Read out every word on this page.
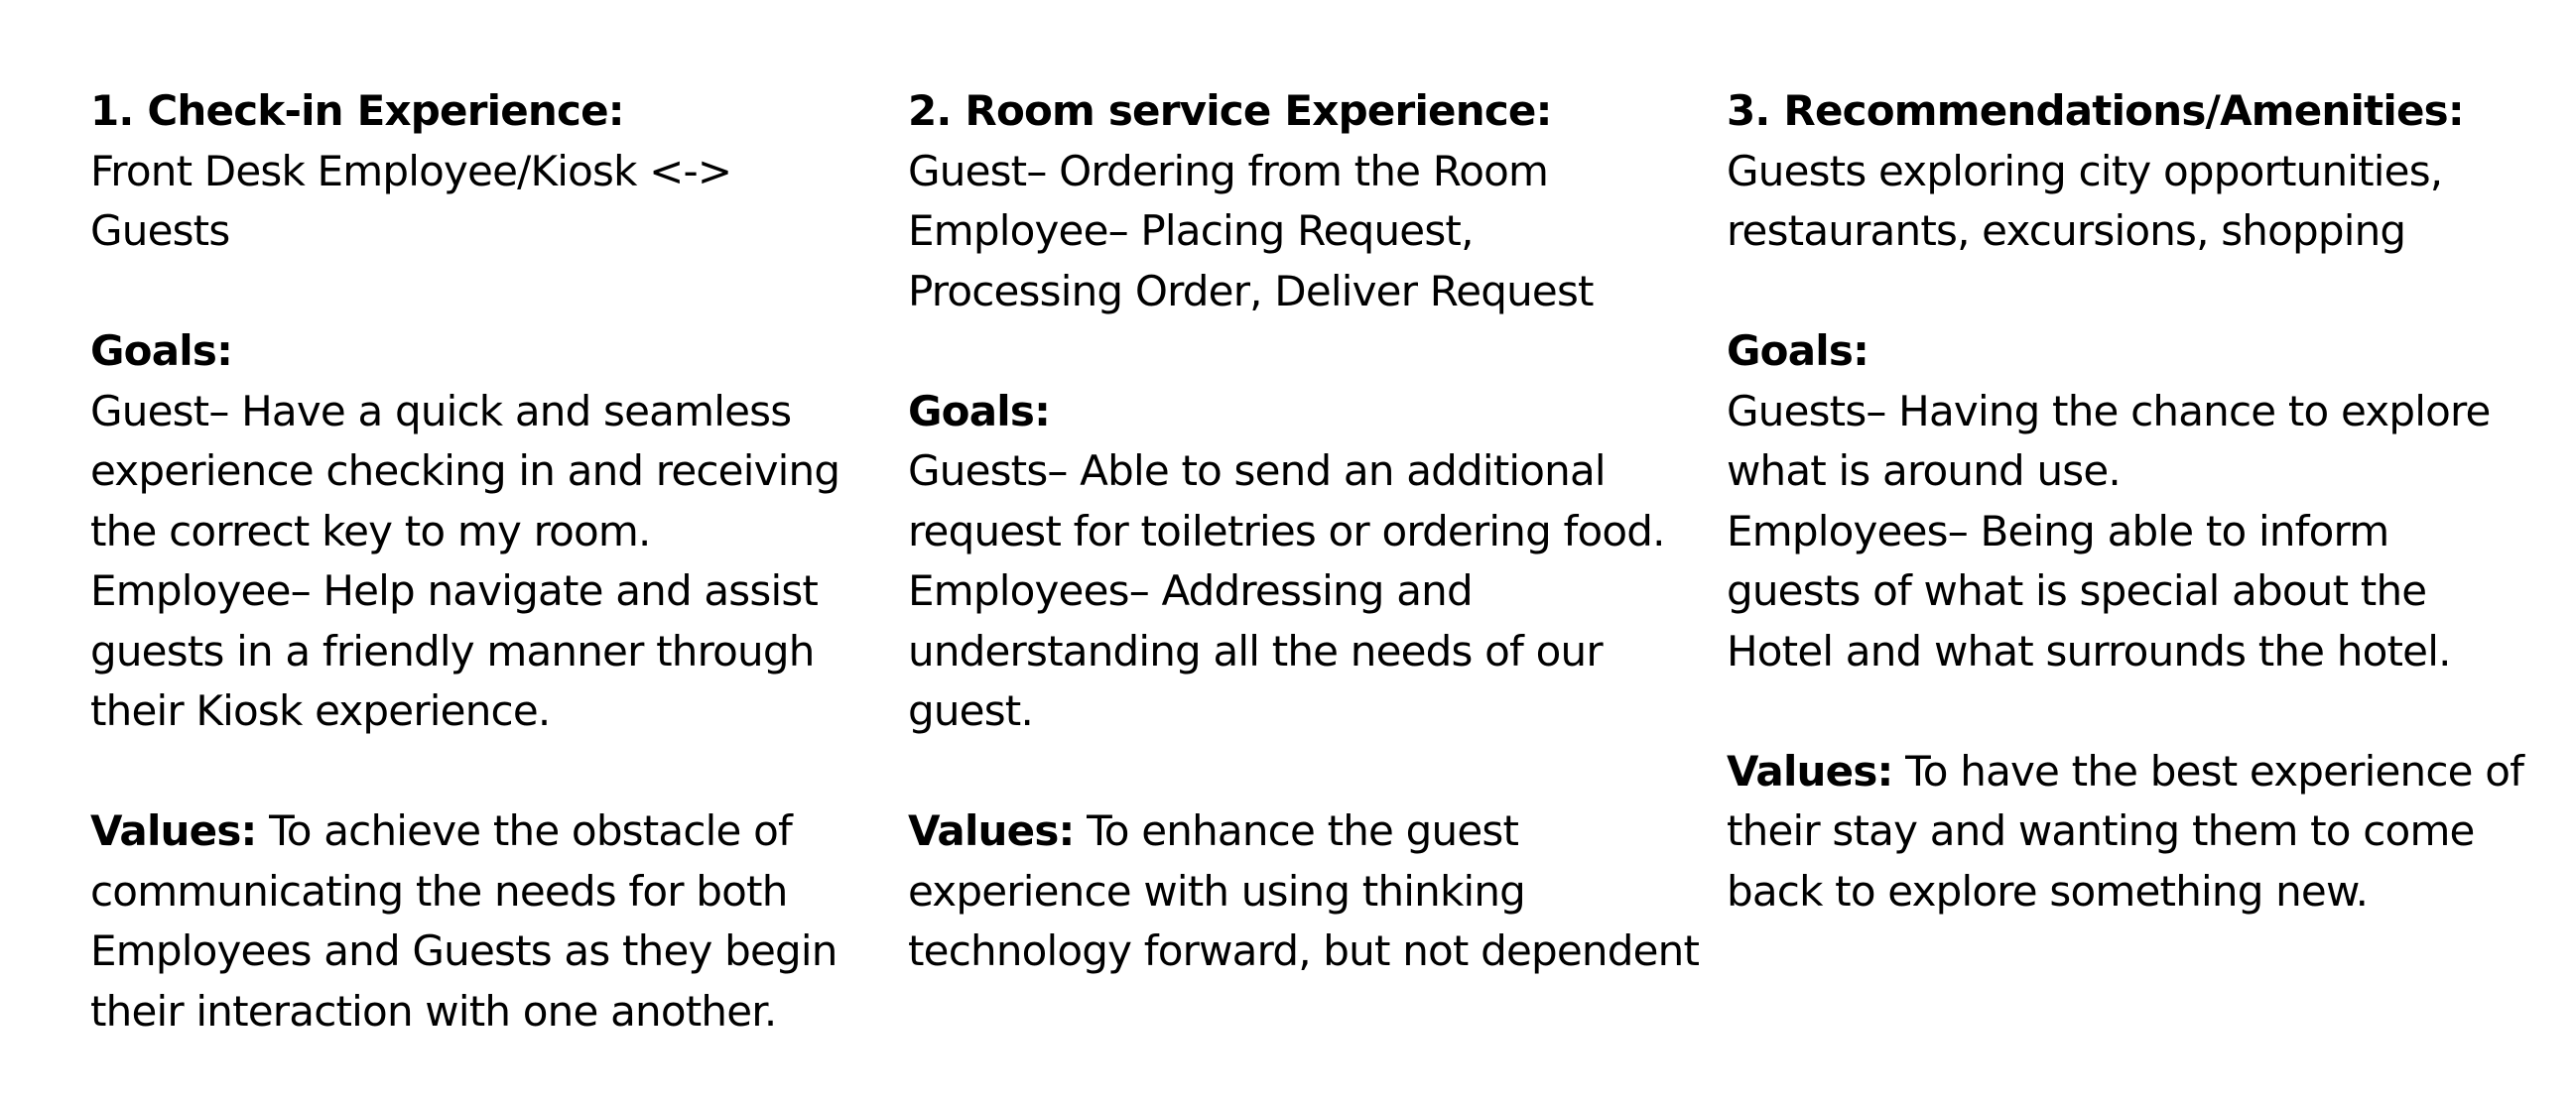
1. Check-in Experience:
Front Desk Employee/Kiosk <->
Guests
Goals:
Guest– Have a quick and seamless
experience checking in and receiving
the correct key to my room.
Employee– Help navigate and assist
guests in a friendly manner through
their Kiosk experience.
Values: To achieve the obstacle of
communicating the needs for both
Employees and Guests as they begin
their interaction with one another.
2. Room service Experience:
Guest– Ordering from the Room
Employee– Placing Request,
Processing Order, Deliver Request
Goals:
Guests– Able to send an additional
request for toiletries or ordering food.
Employees– Addressing and
understanding all the needs of our
guest.
Values: To enhance the guest
experience with using thinking
technology forward, but not dependent
3. Recommendations/Amenities:
Guests exploring city opportunities,
restaurants, excursions, shopping
Goals:
Guests– Having the chance to explore
what is around use.
Employees– Being able to inform
guests of what is special about the
Hotel and what surrounds the hotel.
Values: To have the best experience of
their stay and wanting them to come
back to explore something new.
